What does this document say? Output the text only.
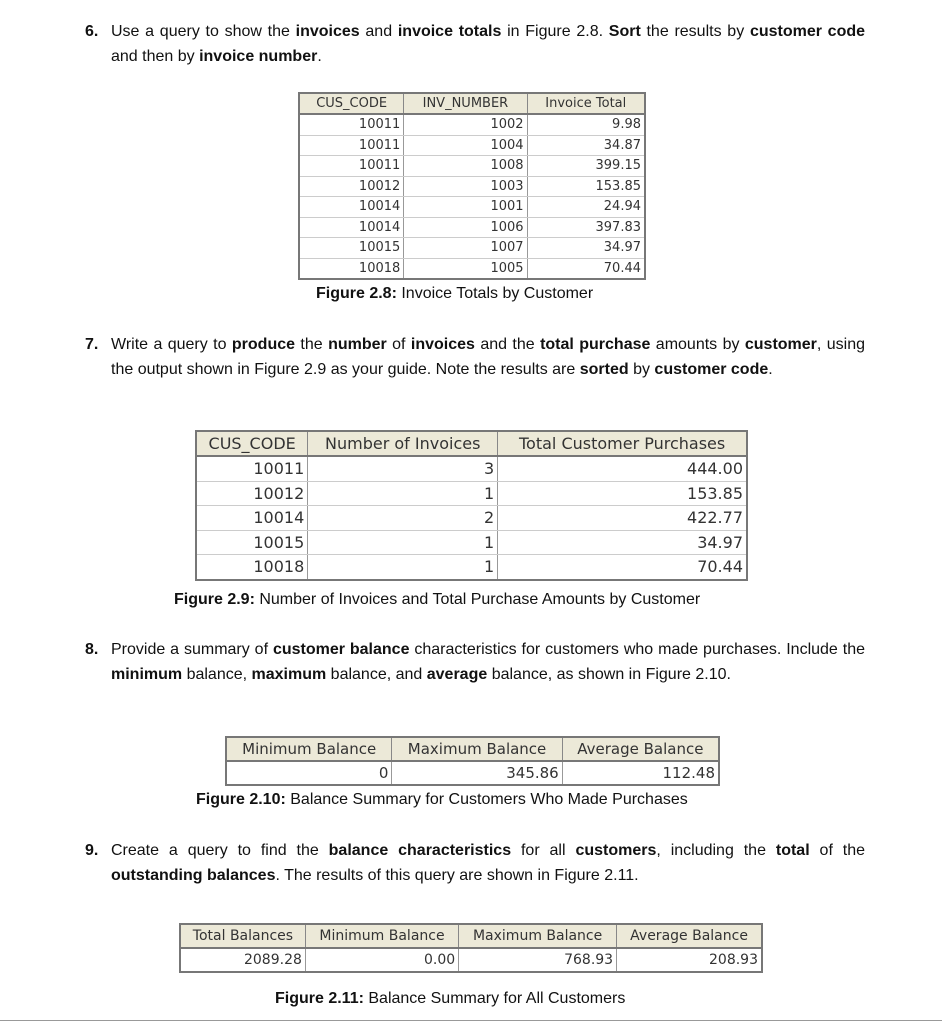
6. Use a query to show the invoices and invoice totals in Figure 2.8. Sort the results by customer code and then by invoice number.
CUS_CODE	INV_NUMBER	Invoice Total
10011	1002	9.98
10011	1004	34.87
10011	1008	399.15
10012	1003	153.85
10014	1001	24.94
10014	1006	397.83
10015	1007	34.97
10018	1005	70.44
Figure 2.8: Invoice Totals by Customer
7. Write a query to produce the number of invoices and the total purchase amounts by customer, using the output shown in Figure 2.9 as your guide. Note the results are sorted by customer code.
CUS_CODE	Number of Invoices	Total Customer Purchases
10011	3	444.00
10012	1	153.85
10014	2	422.77
10015	1	34.97
10018	1	70.44
Figure 2.9: Number of Invoices and Total Purchase Amounts by Customer
8. Provide a summary of customer balance characteristics for customers who made purchases. Include the minimum balance, maximum balance, and average balance, as shown in Figure 2.10.
Minimum Balance	Maximum Balance	Average Balance
0	345.86	112.48
Figure 2.10: Balance Summary for Customers Who Made Purchases
9. Create a query to find the balance characteristics for all customers, including the total of the outstanding balances. The results of this query are shown in Figure 2.11.
Total Balances	Minimum Balance	Maximum Balance	Average Balance
2089.28	0.00	768.93	208.93
Figure 2.11: Balance Summary for All Customers
